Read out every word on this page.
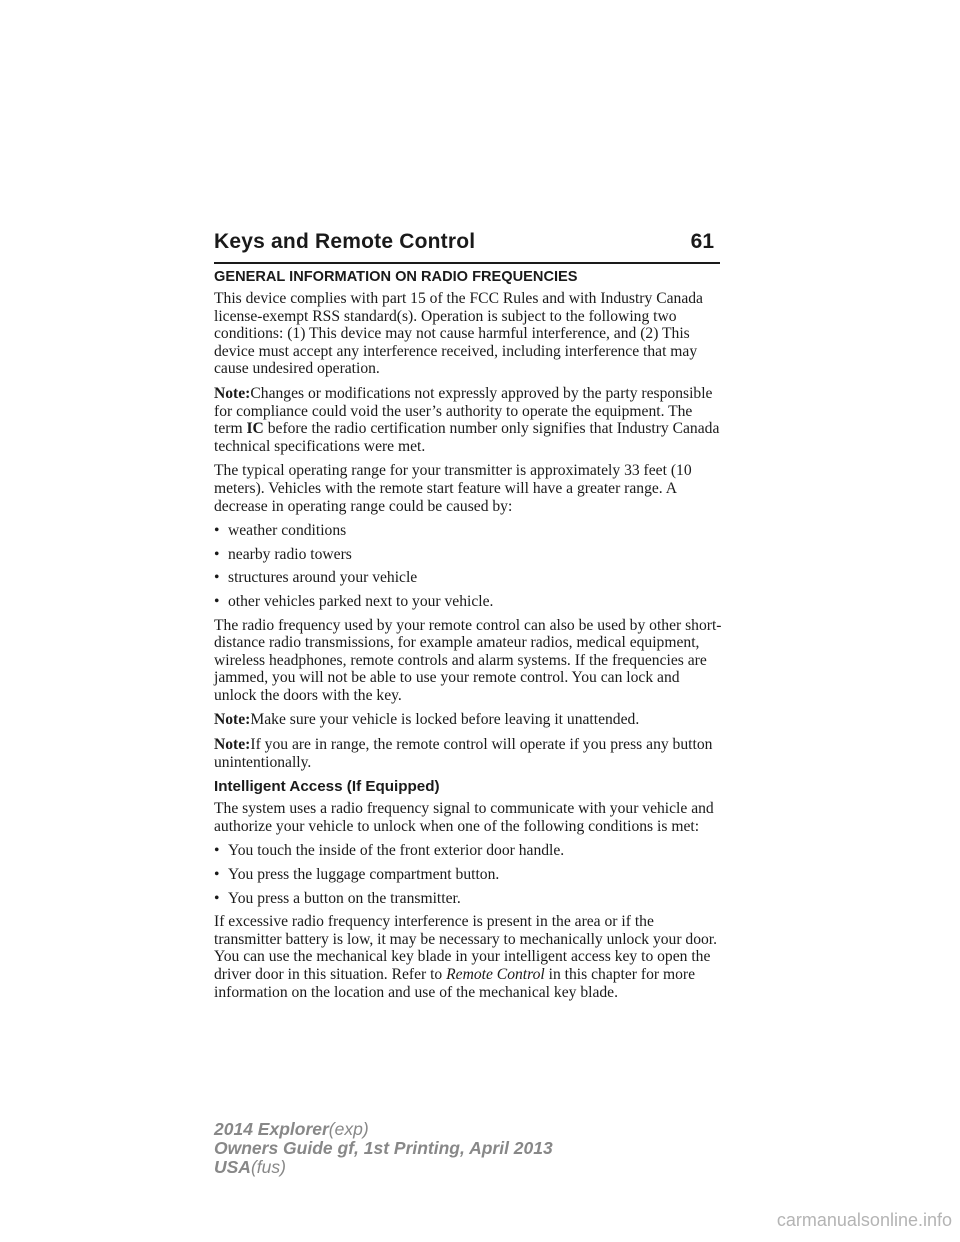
Keys and Remote Control	61
GENERAL INFORMATION ON RADIO FREQUENCIES

This device complies with part 15 of the FCC Rules and with Industry Canada license-exempt RSS standard(s). Operation is subject to the following two conditions: (1) This device may not cause harmful interference, and (2) This device must accept any interference received, including interference that may cause undesired operation.

Note:Changes or modifications not expressly approved by the party responsible for compliance could void the user’s authority to operate the equipment. The term IC before the radio certification number only signifies that Industry Canada technical specifications were met.

The typical operating range for your transmitter is approximately 33 feet (10 meters). Vehicles with the remote start feature will have a greater range. A decrease in operating range could be caused by:

• weather conditions
• nearby radio towers
• structures around your vehicle
• other vehicles parked next to your vehicle.

The radio frequency used by your remote control can also be used by other short-distance radio transmissions, for example amateur radios, medical equipment, wireless headphones, remote controls and alarm systems. If the frequencies are jammed, you will not be able to use your remote control. You can lock and unlock the doors with the key.

Note:Make sure your vehicle is locked before leaving it unattended.

Note:If you are in range, the remote control will operate if you press any button unintentionally.

Intelligent Access (If Equipped)

The system uses a radio frequency signal to communicate with your vehicle and authorize your vehicle to unlock when one of the following conditions is met:

• You touch the inside of the front exterior door handle.
• You press the luggage compartment button.
• You press a button on the transmitter.

If excessive radio frequency interference is present in the area or if the transmitter battery is low, it may be necessary to mechanically unlock your door. You can use the mechanical key blade in your intelligent access key to open the driver door in this situation. Refer to Remote Control in this chapter for more information on the location and use of the mechanical key blade.

2014 Explorer(exp)
Owners Guide gf, 1st Printing, April 2013
USA(fus)
carmanualsonline.info
